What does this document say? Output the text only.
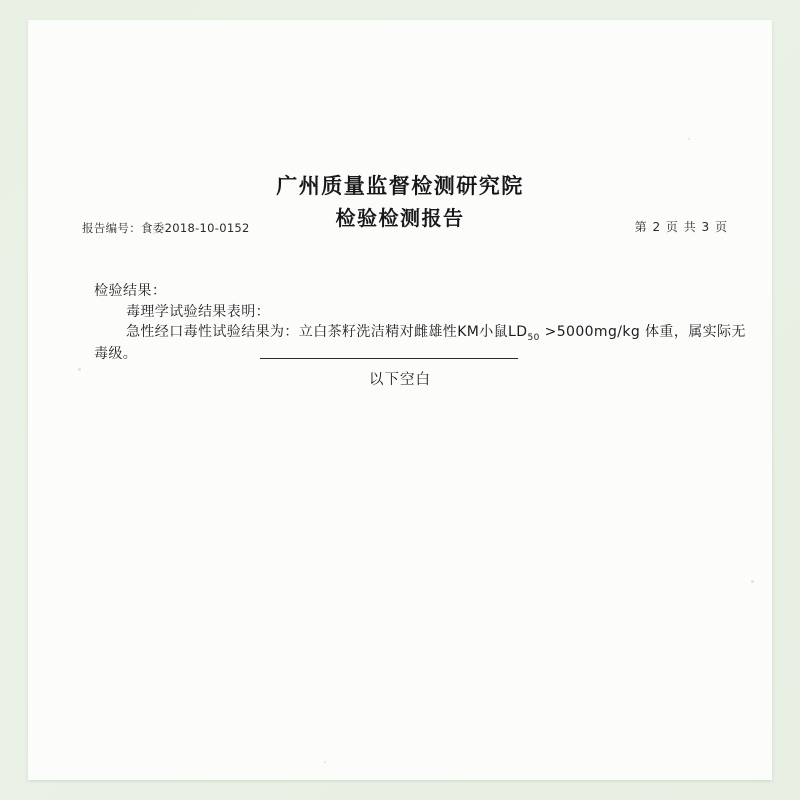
广州质量监督检测研究院
检验检测报告
报告编号：食委2018-10-0152	第 2 页 共 3 页
检验结果：
毒理学试验结果表明：
急性经口毒性试验结果为：立白茶籽洗洁精对雌雄性KM小鼠$LD_{50} >5000mg/kg$ 体重，属实际无
毒级。
以下空白
